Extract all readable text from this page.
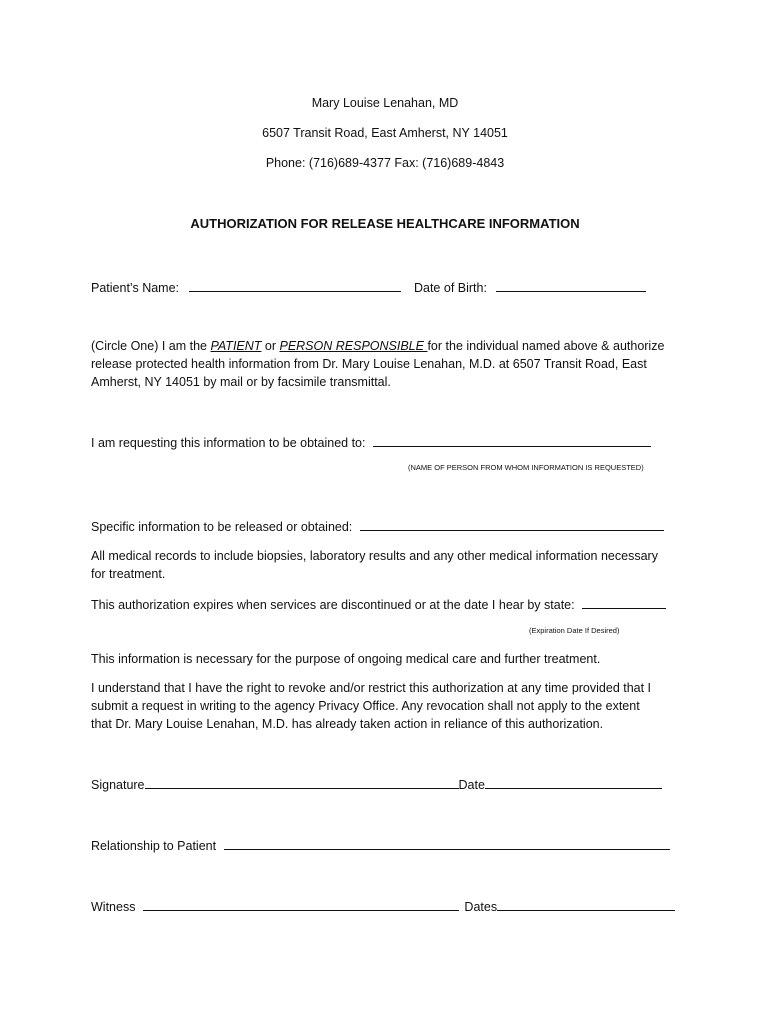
Mary Louise Lenahan, MD
6507 Transit Road, East Amherst, NY 14051
Phone: (716)689-4377 Fax: (716)689-4843
AUTHORIZATION FOR RELEASE HEALTHCARE INFORMATION
Patient’s Name:	Date of Birth:
(Circle One) I am the PATIENT or PERSON RESPONSIBLE for the individual named above & authorize
release protected health information from Dr. Mary Louise Lenahan, M.D. at 6507 Transit Road, East
Amherst, NY 14051 by mail or by facsimile transmittal.
I am requesting this information to be obtained to:
(NAME OF PERSON FROM WHOM INFORMATION IS REQUESTED)
Specific information to be released or obtained:
All medical records to include biopsies, laboratory results and any other medical information necessary
for treatment.
This authorization expires when services are discontinued or at the date I hear by state:
(Expiration Date If Desired)
This information is necessary for the purpose of ongoing medical care and further treatment.
I understand that I have the right to revoke and/or restrict this authorization at any time provided that I
submit a request in writing to the agency Privacy Office. Any revocation shall not apply to the extent
that Dr. Mary Louise Lenahan, M.D. has already taken action in reliance of this authorization.
Signature	Date
Relationship to Patient
Witness	Dates
